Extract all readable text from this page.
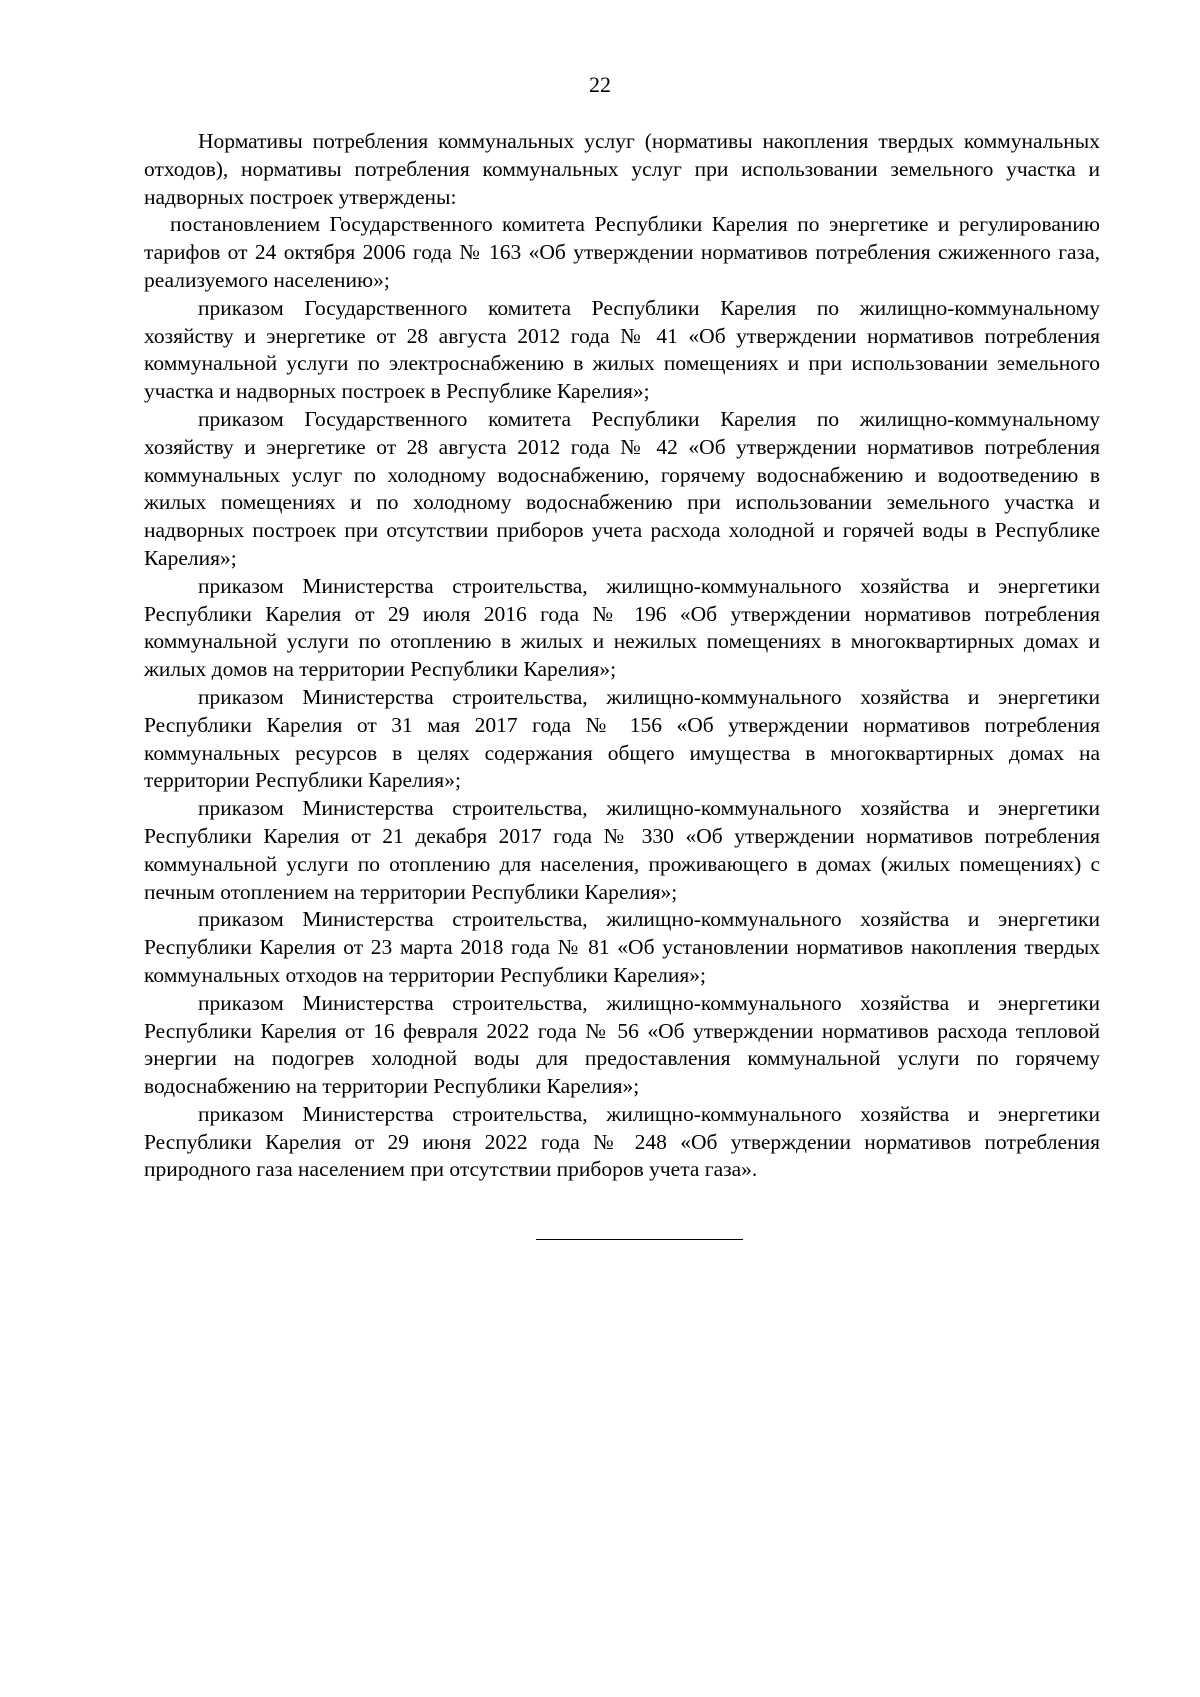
22

Нормативы потребления коммунальных услуг (нормативы накопления твердых коммунальных отходов), нормативы потребления коммунальных услуг при использовании земельного участка и надворных построек утверждены:

постановлением Государственного комитета Республики Карелия по энергетике и регулированию тарифов от 24 октября 2006 года № 163 «Об утверждении нормативов потребления сжиженного газа, реализуемого населению»;

приказом Государственного комитета Республики Карелия по жилищно-коммунальному хозяйству и энергетике от 28 августа 2012 года № 41 «Об утверждении нормативов потребления коммунальной услуги по электроснабжению в жилых помещениях и при использовании земельного участка и надворных построек в Республике Карелия»;

приказом Государственного комитета Республики Карелия по жилищно-коммунальному хозяйству и энергетике от 28 августа 2012 года № 42 «Об утверждении нормативов потребления коммунальных услуг по холодному водоснабжению, горячему водоснабжению и водоотведению в жилых помещениях и по холодному водоснабжению при использовании земельного участка и надворных построек при отсутствии приборов учета расхода холодной и горячей воды в Республике Карелия»;

приказом Министерства строительства, жилищно-коммунального хозяйства и энергетики Республики Карелия от 29 июля 2016 года № 196 «Об утверждении нормативов потребления коммунальной услуги по отоплению в жилых и нежилых помещениях в многоквартирных домах и жилых домов на территории Республики Карелия»;

приказом Министерства строительства, жилищно-коммунального хозяйства и энергетики Республики Карелия от 31 мая 2017 года № 156 «Об утверждении нормативов потребления коммунальных ресурсов в целях содержания общего имущества в многоквартирных домах на территории Республики Карелия»;

приказом Министерства строительства, жилищно-коммунального хозяйства и энергетики Республики Карелия от 21 декабря 2017 года № 330 «Об утверждении нормативов потребления коммунальной услуги по отоплению для населения, проживающего в домах (жилых помещениях) с печным отоплением на территории Республики Карелия»;

приказом Министерства строительства, жилищно-коммунального хозяйства и энергетики Республики Карелия от 23 марта 2018 года № 81 «Об установлении нормативов накопления твердых коммунальных отходов на территории Республики Карелия»;

приказом Министерства строительства, жилищно-коммунального хозяйства и энергетики Республики Карелия от 16 февраля 2022 года № 56 «Об утверждении нормативов расхода тепловой энергии на подогрев холодной воды для предоставления коммунальной услуги по горячему водоснабжению на территории Республики Карелия»;

приказом Министерства строительства, жилищно-коммунального хозяйства и энергетики Республики Карелия от 29 июня 2022 года № 248 «Об утверждении нормативов потребления природного газа населением при отсутствии приборов учета газа».
